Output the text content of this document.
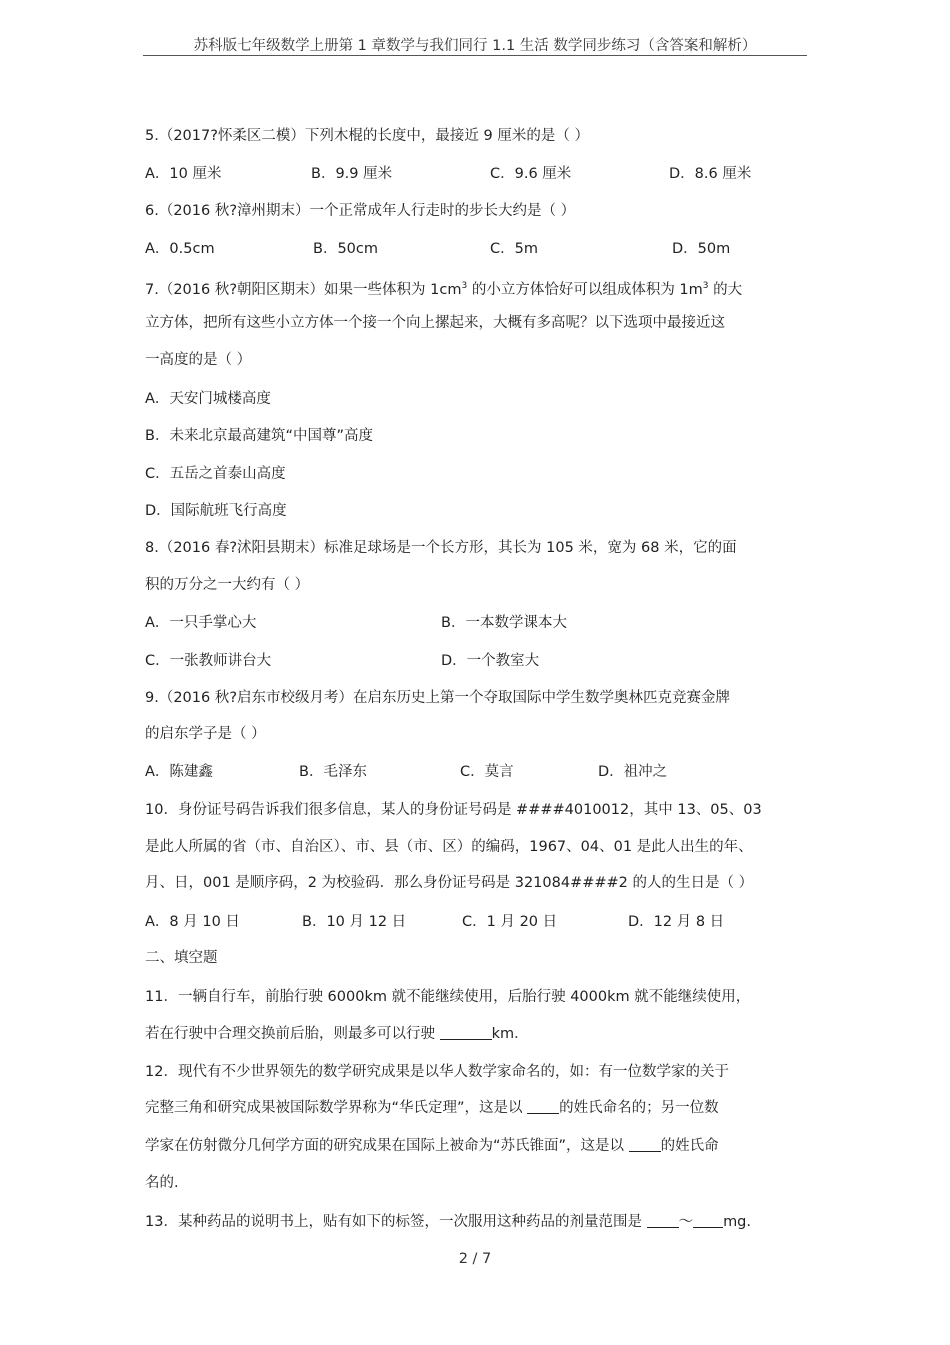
苏科版七年级数学上册第 1 章数学与我们同行 1.1 生活 数学同步练习（含答案和解析）
5.（2017?怀柔区二模）下列木棍的长度中，最接近 9 厘米的是（ ）
A．10 厘米	B．9.9 厘米	C．9.6 厘米	D．8.6 厘米
6.（2016 秋?漳州期末）一个正常成年人行走时的步长大约是（ ）
A．0.5cm	B．50cm	C．5m	D．50m
7.（2016 秋?朝阳区期末）如果一些体积为 $1cm^3$ 的小立方体恰好可以组成体积为 $1m^3$ 的大
立方体，把所有这些小立方体一个接一个向上摞起来，大概有多高呢？以下选项中最接近这
一高度的是（ ）
A．天安门城楼高度
B．未来北京最高建筑“中国尊”高度
C．五岳之首泰山高度
D．国际航班飞行高度
8.（2016 春?沭阳县期末）标准足球场是一个长方形，其长为 105 米，宽为 68 米，它的面
积的万分之一大约有（ ）
A．一只手掌心大	B．一本数学课本大
C．一张教师讲台大	D．一个教室大
9.（2016 秋?启东市校级月考）在启东历史上第一个夺取国际中学生数学奥林匹克竞赛金牌
的启东学子是（ ）
A．陈建鑫	B．毛泽东	C．莫言	D．祖冲之
10．身份证号码告诉我们很多信息，某人的身份证号码是 ####4010012，其中 13、05、03
是此人所属的省（市、自治区）、市、县（市、区）的编码，1967、04、01 是此人出生的年、
月、日，001 是顺序码，2 为校验码．那么身份证号码是 321084####2 的人的生日是（ ）
A．8 月 10 日	B．10 月 12 日	C．1 月 20 日	D．12 月 8 日
二、填空题
11．一辆自行车，前胎行驶 6000km 就不能继续使用，后胎行驶 4000km 就不能继续使用，
若在行驶中合理交换前后胎，则最多可以行驶	km．
12．现代有不少世界领先的数学研究成果是以华人数学家命名的，如：有一位数学家的关于
完整三角和研究成果被国际数学界称为“华氏定理”，这是以 的姓氏命名的；另一位数
学家在仿射微分几何学方面的研究成果在国际上被命为“苏氏锥面”，这是以 的姓氏命
名的.
13．某种药品的说明书上，贴有如下的标签，一次服用这种药品的剂量范围是 ～ mg.
2 / 7
